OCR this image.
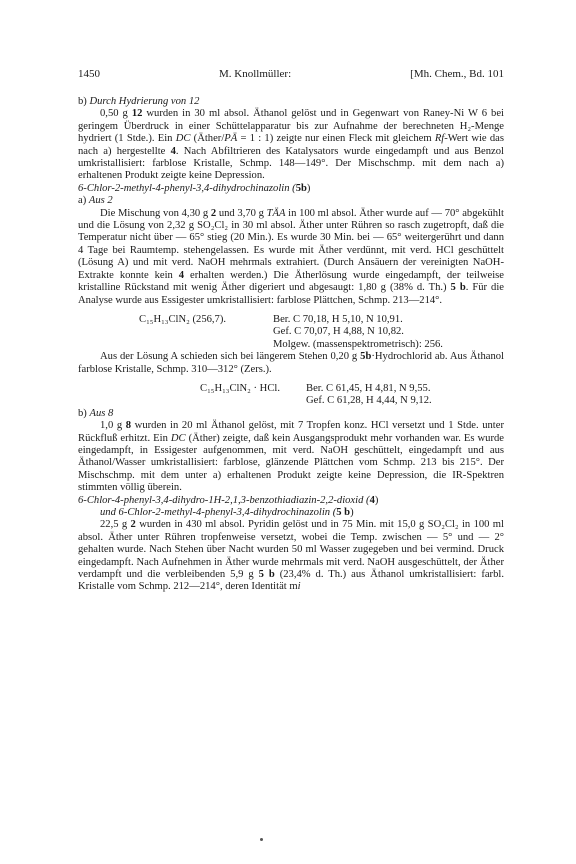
1450	M. Knollmüller:	[Mh. Chem., Bd. 101

b) Durch Hydrierung von 12

0,50 g 12 wurden in 30 ml absol. Äthanol gelöst und in Gegenwart von Raney-Ni W 6 bei geringem Überdruck in einer Schüttelapparatur bis zur Aufnahme der berechneten H₂-Menge hydriert (1 Stde.). Ein DC (Äther/PÄ = 1 : 1) zeigte nur einen Fleck mit gleichem Rf-Wert wie das nach a) hergestellte 4. Nach Abfiltrieren des Katalysators wurde eingedampft und aus Benzol umkristallisiert: farblose Kristalle, Schmp. 148—149°. Der Mischschmp. mit dem nach a) erhaltenen Produkt zeigte keine Depression.

6-Chlor-2-methyl-4-phenyl-3,4-dihydrochinazolin (5b)

a) Aus 2

Die Mischung von 4,30 g 2 und 3,70 g TÄA in 100 ml absol. Äther wurde auf — 70° abgekühlt und die Lösung von 2,32 g SO₂Cl₂ in 30 ml absol. Äther unter Rühren so rasch zugetropft, daß die Temperatur nicht über — 65° stieg (20 Min.). Es wurde 30 Min. bei — 65° weitergerührt und dann 4 Tage bei Raumtemp. stehengelassen. Es wurde mit Äther verdünnt, mit verd. HCl geschüttelt (Lösung A) und mit verd. NaOH mehrmals extrahiert. (Durch Ansäuern der vereinigten NaOH-Extrakte konnte kein 4 erhalten werden.) Die Ätherlösung wurde eingedampft, der teilweise kristalline Rückstand mit wenig Äther digeriert und abgesaugt: 1,80 g (38% d. Th.) 5 b. Für die Analyse wurde aus Essigester umkristallisiert: farblose Plättchen, Schmp. 213—214°.

C₁₅H₁₃ClN₂ (256,7).	Ber. C 70,18, H 5,10, N 10,91.
Gef. C 70,07, H 4,88, N 10,82.
Molgew. (massenspektrometrisch): 256.

Aus der Lösung A schieden sich bei längerem Stehen 0,20 g 5b·Hydrochlorid ab. Aus Äthanol farblose Kristalle, Schmp. 310—312° (Zers.).

C₁₅H₁₃ClN₂ · HCl.	Ber. C 61,45, H 4,81, N 9,55.
Gef. C 61,28, H 4,44, N 9,12.

b) Aus 8

1,0 g 8 wurden in 20 ml Äthanol gelöst, mit 7 Tropfen konz. HCl versetzt und 1 Stde. unter Rückfluß erhitzt. Ein DC (Äther) zeigte, daß kein Ausgangsprodukt mehr vorhanden war. Es wurde eingedampft, in Essigester aufgenommen, mit verd. NaOH geschüttelt, eingedampft und aus Äthanol/Wasser umkristallisiert: farblose, glänzende Plättchen vom Schmp. 213 bis 215°. Der Mischschmp. mit dem unter a) erhaltenen Produkt zeigte keine Depression, die IR-Spektren stimmten völlig überein.

6-Chlor-4-phenyl-3,4-dihydro-1H-2,1,3-benzothiadiazin-2,2-dioxid (4)

und 6-Chlor-2-methyl-4-phenyl-3,4-dihydrochinazolin (5 b)

22,5 g 2 wurden in 430 ml absol. Pyridin gelöst und in 75 Min. mit 15,0 g SO₂Cl₂ in 100 ml absol. Äther unter Rühren tropfenweise versetzt, wobei die Temp. zwischen — 5° und — 2° gehalten wurde. Nach Stehen über Nacht wurden 50 ml Wasser zugegeben und bei vermind. Druck eingedampft. Nach Aufnehmen in Äther wurde mehrmals mit verd. NaOH ausgeschüttelt, der Äther verdampft und die verbleibenden 5,9 g 5 b (23,4% d. Th.) aus Äthanol umkristallisiert: farbl. Kristalle vom Schmp. 212—214°, deren Identität mi
